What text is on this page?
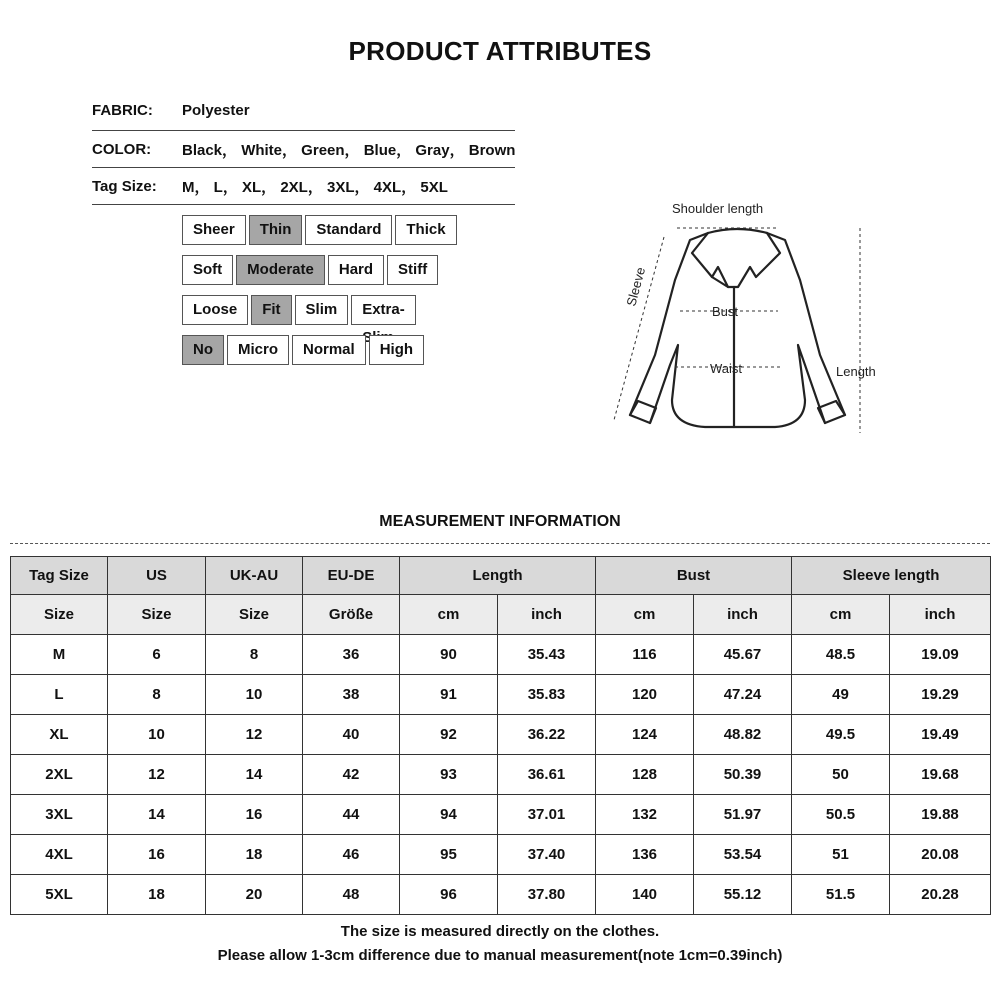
PRODUCT ATTRIBUTES
FABRIC:	Polyester
COLOR:	Black， White， Green， Blue， Gray， Brown
Tag Size:	M， L， XL， 2XL， 3XL， 4XL， 5XL
Sheer	Thin	Standard	Thick
Soft	Moderate	Hard	Stiff
Loose	Fit	Slim	Extra-S
No	Micro	Normal	High
Shoulder length
Sleeve
Bust
Waist	Length
MEASUREMENT INFORMATION
Tag Size	US	UK-AU	EU-DE	Length		Bust		Sleeve length	
Size	Size	Size	Größe	cm	inch	cm	inch	cm	inch
M	6	8	36	90	35.43	116	45.67	48.5	19.09
L	8	10	38	91	35.83	120	47.24	49	19.29
XL	10	12	40	92	36.22	124	48.82	49.5	19.49
2XL	12	14	42	93	36.61	128	50.39	50	19.68
3XL	14	16	44	94	37.01	132	51.97	50.5	19.88
4XL	16	18	46	95	37.40	136	53.54	51	20.08
5XL	18	20	48	96	37.80	140	55.12	51.5	20.28
The size is measured directly on the clothes.
Please allow 1-3cm difference due to manual measurement(note 1cm=0.39inch)
